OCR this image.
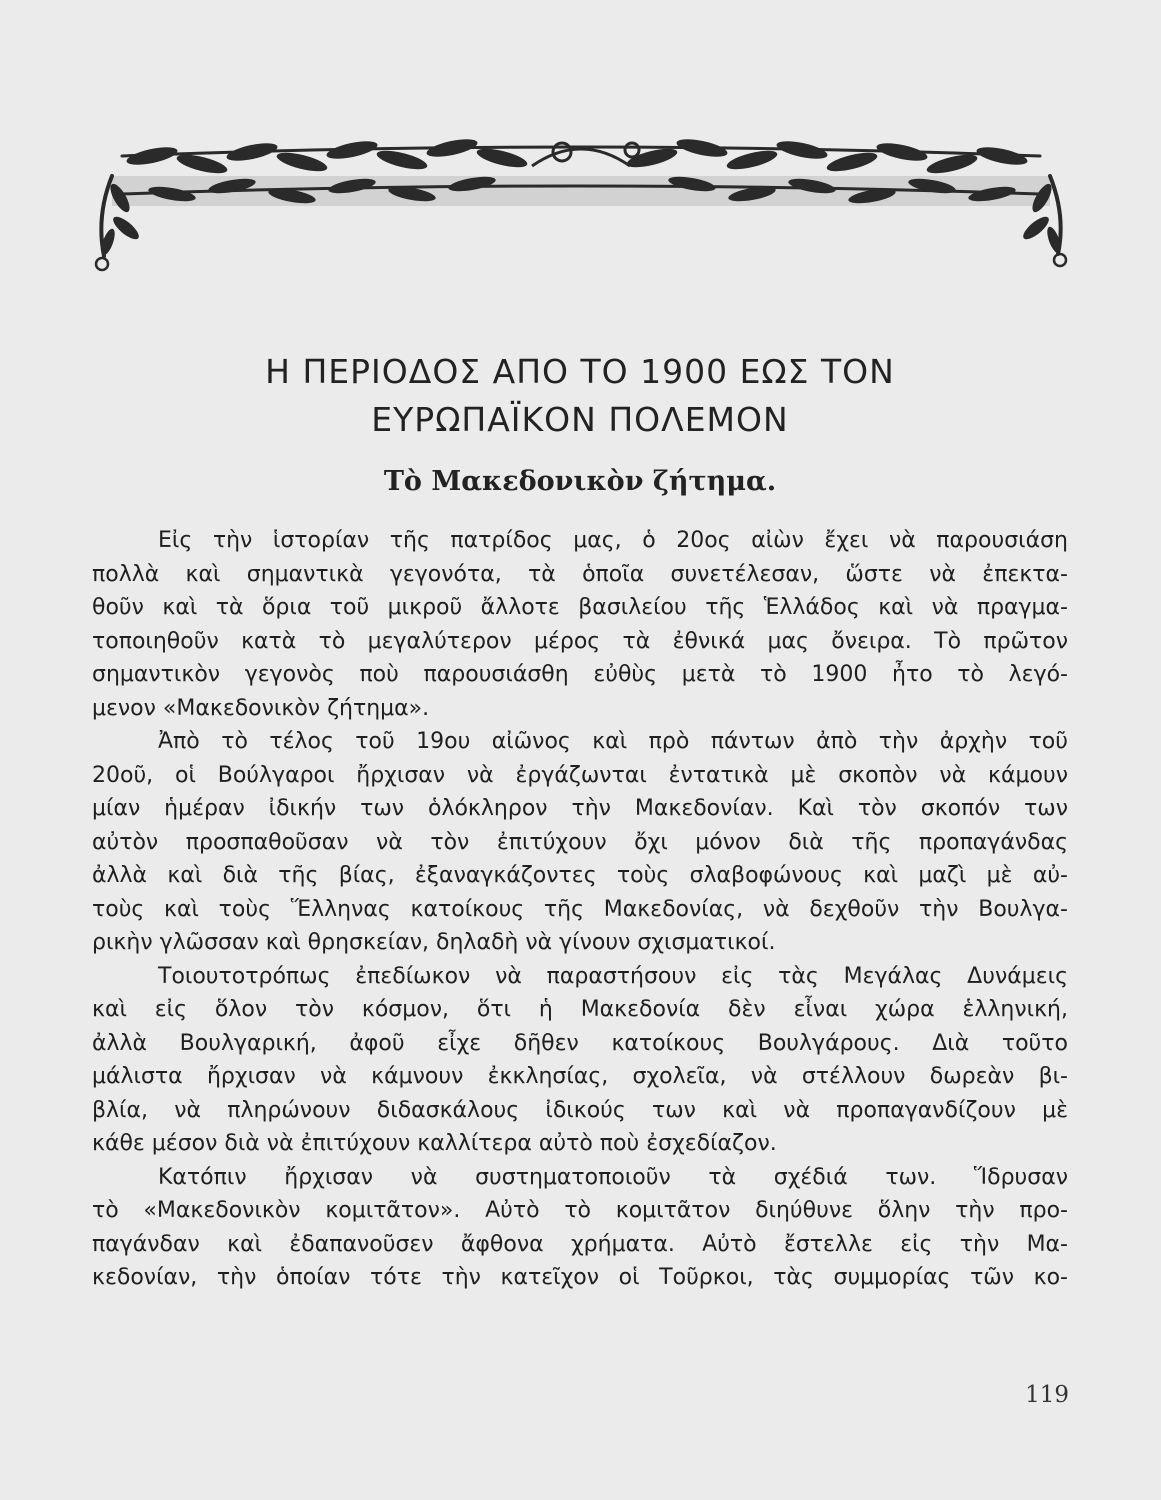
Η ΠΕΡΙΟΔΟΣ ΑΠΟ ΤΟ 1900 ΕΩΣ ΤΟΝ
ΕΥΡΩΠΑΪΚΟΝ ΠΟΛΕΜΟΝ
Τὸ Μακεδονικὸν ζήτημα.
Εἰς τὴν ἱστορίαν τῆς πατρίδος μας, ὁ 20ος αἰὼν ἔχει νὰ παρουσιάση
πολλὰ καὶ σημαντικὰ γεγονότα, τὰ ὁποῖα συνετέλεσαν, ὥστε νὰ ἐπεκτα-
θοῦν καὶ τὰ ὅρια τοῦ μικροῦ ἄλλοτε βασιλείου τῆς Ἑλλάδος καὶ νὰ πραγμα-
τοποιηθοῦν κατὰ τὸ μεγαλύτερον μέρος τὰ ἐθνικά μας ὄνειρα. Τὸ πρῶτον
σημαντικὸν γεγονὸς ποὺ παρουσιάσθη εὐθὺς μετὰ τὸ 1900 ἦτο τὸ λεγό-
μενον «Μακεδονικὸν ζήτημα».
Ἀπὸ τὸ τέλος τοῦ 19ου αἰῶνος καὶ πρὸ πάντων ἀπὸ τὴν ἀρχὴν τοῦ
20οῦ, οἱ Βούλγαροι ἤρχισαν νὰ ἐργάζωνται ἐντατικὰ μὲ σκοπὸν νὰ κάμουν
μίαν ἡμέραν ἰδικήν των ὁλόκληρον τὴν Μακεδονίαν. Καὶ τὸν σκοπόν των
αὐτὸν προσπαθοῦσαν νὰ τὸν ἐπιτύχουν ὄχι μόνον διὰ τῆς προπαγάνδας
ἀλλὰ καὶ διὰ τῆς βίας, ἐξαναγκάζοντες τοὺς σλαβοφώνους καὶ μαζὶ μὲ αὐ-
τοὺς καὶ τοὺς Ἕλληνας κατοίκους τῆς Μακεδονίας, νὰ δεχθοῦν τὴν Βουλγα-
ρικὴν γλῶσσαν καὶ θρησκείαν, δηλαδὴ νὰ γίνουν σχισματικοί.
Τοιουτοτρόπως ἐπεδίωκον νὰ παραστήσουν εἰς τὰς Μεγάλας Δυνάμεις
καὶ εἰς ὅλον τὸν κόσμον, ὅτι ἡ Μακεδονία δὲν εἶναι χώρα ἑλληνική,
ἀλλὰ Βουλγαρική, ἀφοῦ εἶχε δῆθεν κατοίκους Βουλγάρους. Διὰ τοῦτο
μάλιστα ἤρχισαν νὰ κάμνουν ἐκκλησίας, σχολεῖα, νὰ στέλλουν δωρεὰν βι-
βλία, νὰ πληρώνουν διδασκάλους ἰδικούς των καὶ νὰ προπαγανδίζουν μὲ
κάθε μέσον διὰ νὰ ἐπιτύχουν καλλίτερα αὐτὸ ποὺ ἐσχεδίαζον.
Κατόπιν ἤρχισαν νὰ συστηματοποιοῦν τὰ σχέδιά των. Ἵδρυσαν
τὸ «Μακεδονικὸν κομιτᾶτον». Αὐτὸ τὸ κομιτᾶτον διηύθυνε ὅλην τὴν προ-
παγάνδαν καὶ ἐδαπανοῦσεν ἄφθονα χρήματα. Αὐτὸ ἔστελλε εἰς τὴν Μα-
κεδονίαν, τὴν ὁποίαν τότε τὴν κατεῖχον οἱ Τοῦρκοι, τὰς συμμορίας τῶν κο-
119
